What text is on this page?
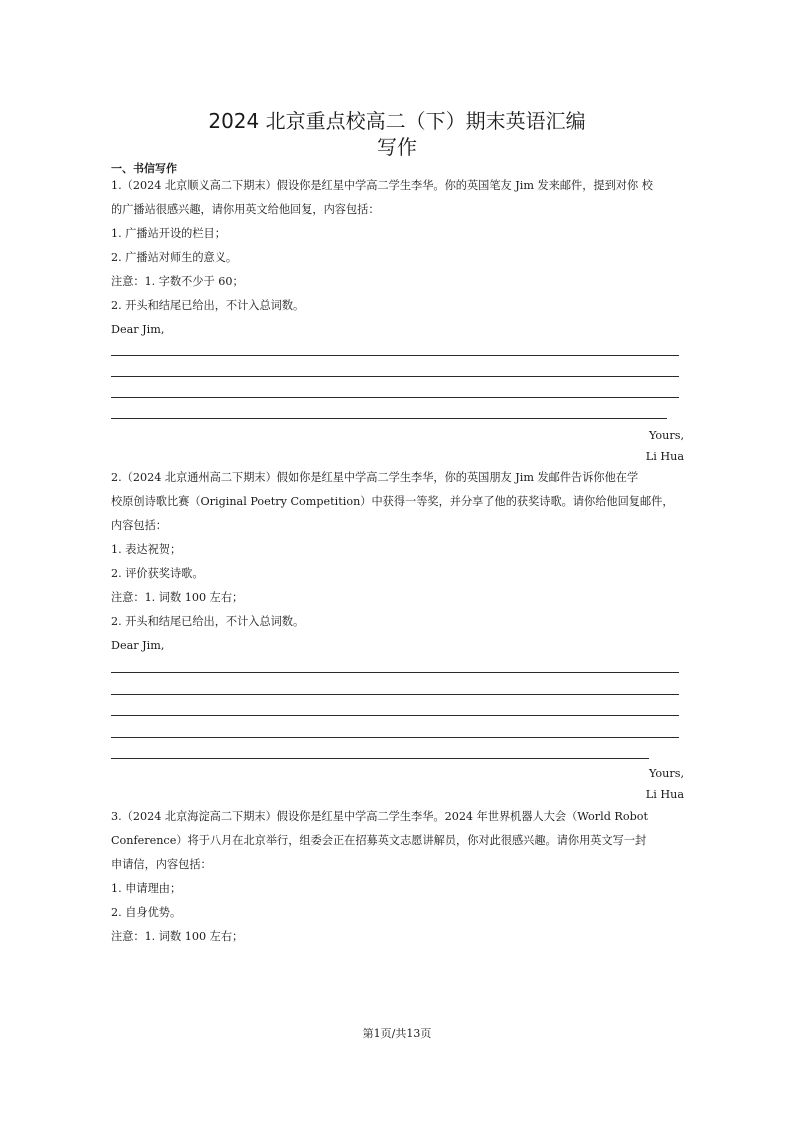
2024 北京重点校高二（下）期末英语汇编
写作
一、书信写作
1.（2024 北京顺义高二下期末）假设你是红星中学高二学生李华。你的英国笔友 Jim 发来邮件，提到对你 校
的广播站很感兴趣，请你用英文给他回复，内容包括：
1. 广播站开设的栏目；
2. 广播站对师生的意义。
注意：1. 字数不少于 60；
2. 开头和结尾已给出，不计入总词数。
Dear Jim,
Yours,
Li Hua
2.（2024 北京通州高二下期末）假如你是红星中学高二学生李华，你的英国朋友 Jim 发邮件告诉你他在学
校原创诗歌比赛（Original Poetry Competition）中获得一等奖，并分享了他的获奖诗歌。请你给他回复邮件，
内容包括：
1. 表达祝贺；
2. 评价获奖诗歌。
注意：1. 词数 100 左右；
2. 开头和结尾已给出，不计入总词数。
Dear Jim,
Yours,
Li Hua
3.（2024 北京海淀高二下期末）假设你是红星中学高二学生李华。2024 年世界机器人大会（World Robot
Conference）将于八月在北京举行，组委会正在招募英文志愿讲解员，你对此很感兴趣。请你用英文写一封
申请信，内容包括：
1. 申请理由；
2. 自身优势。
注意：1. 词数 100 左右；
第1页/共13页
